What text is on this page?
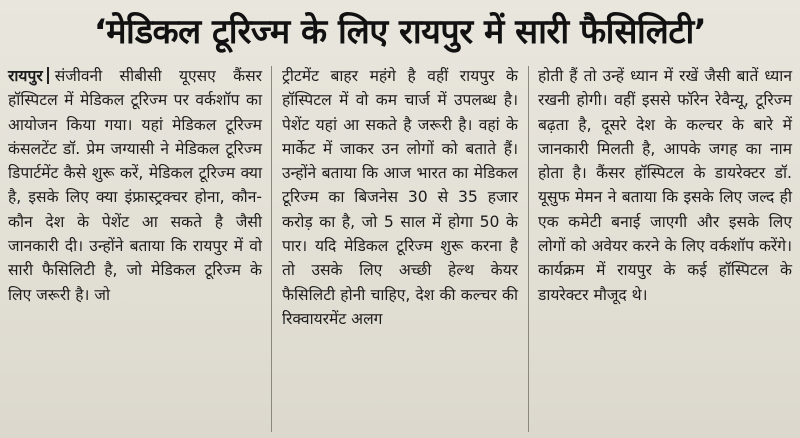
‘मेडिकल टूरिज्म के लिए रायपुर में सारी फैसिलिटी’

रायपुर संजीवनी सीबीसी यूएसए कैंसर हॉस्पिटल में मेडिकल टूरिज्म पर वर्कशॉप का आयोजन किया गया। यहां मेडिकल टूरिज्म कंसलटेंट डॉ. प्रेम जग्यासी ने मेडिकल टूरिज्म डिपार्टमेंट कैसे शुरू करें, मेडिकल टूरिज्म क्या है, इसके लिए क्या इंफ्रास्ट्रक्चर होना, कौन-कौन देश के पेशेंट आ सकते है जैसी जानकारी दी। उन्होंने बताया कि रायपुर में वो सारी फैसिलिटी है, जो मेडिकल टूरिज्म के लिए जरूरी है। जो

ट्रीटमेंट बाहर महंगे है वहीं रायपुर के हॉस्पिटल में वो कम चार्ज में उपलब्ध है। पेशेंट यहां आ सकते है जरूरी है। वहां के मार्केट में जाकर उन लोगों को बताते हैं। उन्होंने बताया कि आज भारत का मेडिकल टूरिज्म का बिजनेस 30 से 35 हजार करोड़ का है, जो 5 साल में होगा 50 के पार। यदि मेडिकल टूरिज्म शुरू करना है तो उसके लिए अच्छी हेल्थ केयर फैसिलिटी होनी चाहिए, देश की कल्चर की रिक्वायरमेंट अलग

होती हैं तो उन्हें ध्यान में रखें जैसी बातें ध्यान रखनी होगी। वहीं इससे फॉरेन रेवैन्यू, टूरिज्म बढ़ता है, दूसरे देश के कल्चर के बारे में जानकारी मिलती है, आपके जगह का नाम होता है। कैंसर हॉस्पिटल के डायरेक्टर डॉ. यूसुफ मेमन ने बताया कि इसके लिए जल्द ही एक कमेटी बनाई जाएगी और इसके लिए लोगों को अवेयर करने के लिए वर्कशॉप करेंगे। कार्यक्रम में रायपुर के कई हॉस्पिटल के डायरेक्टर मौजूद थे।
